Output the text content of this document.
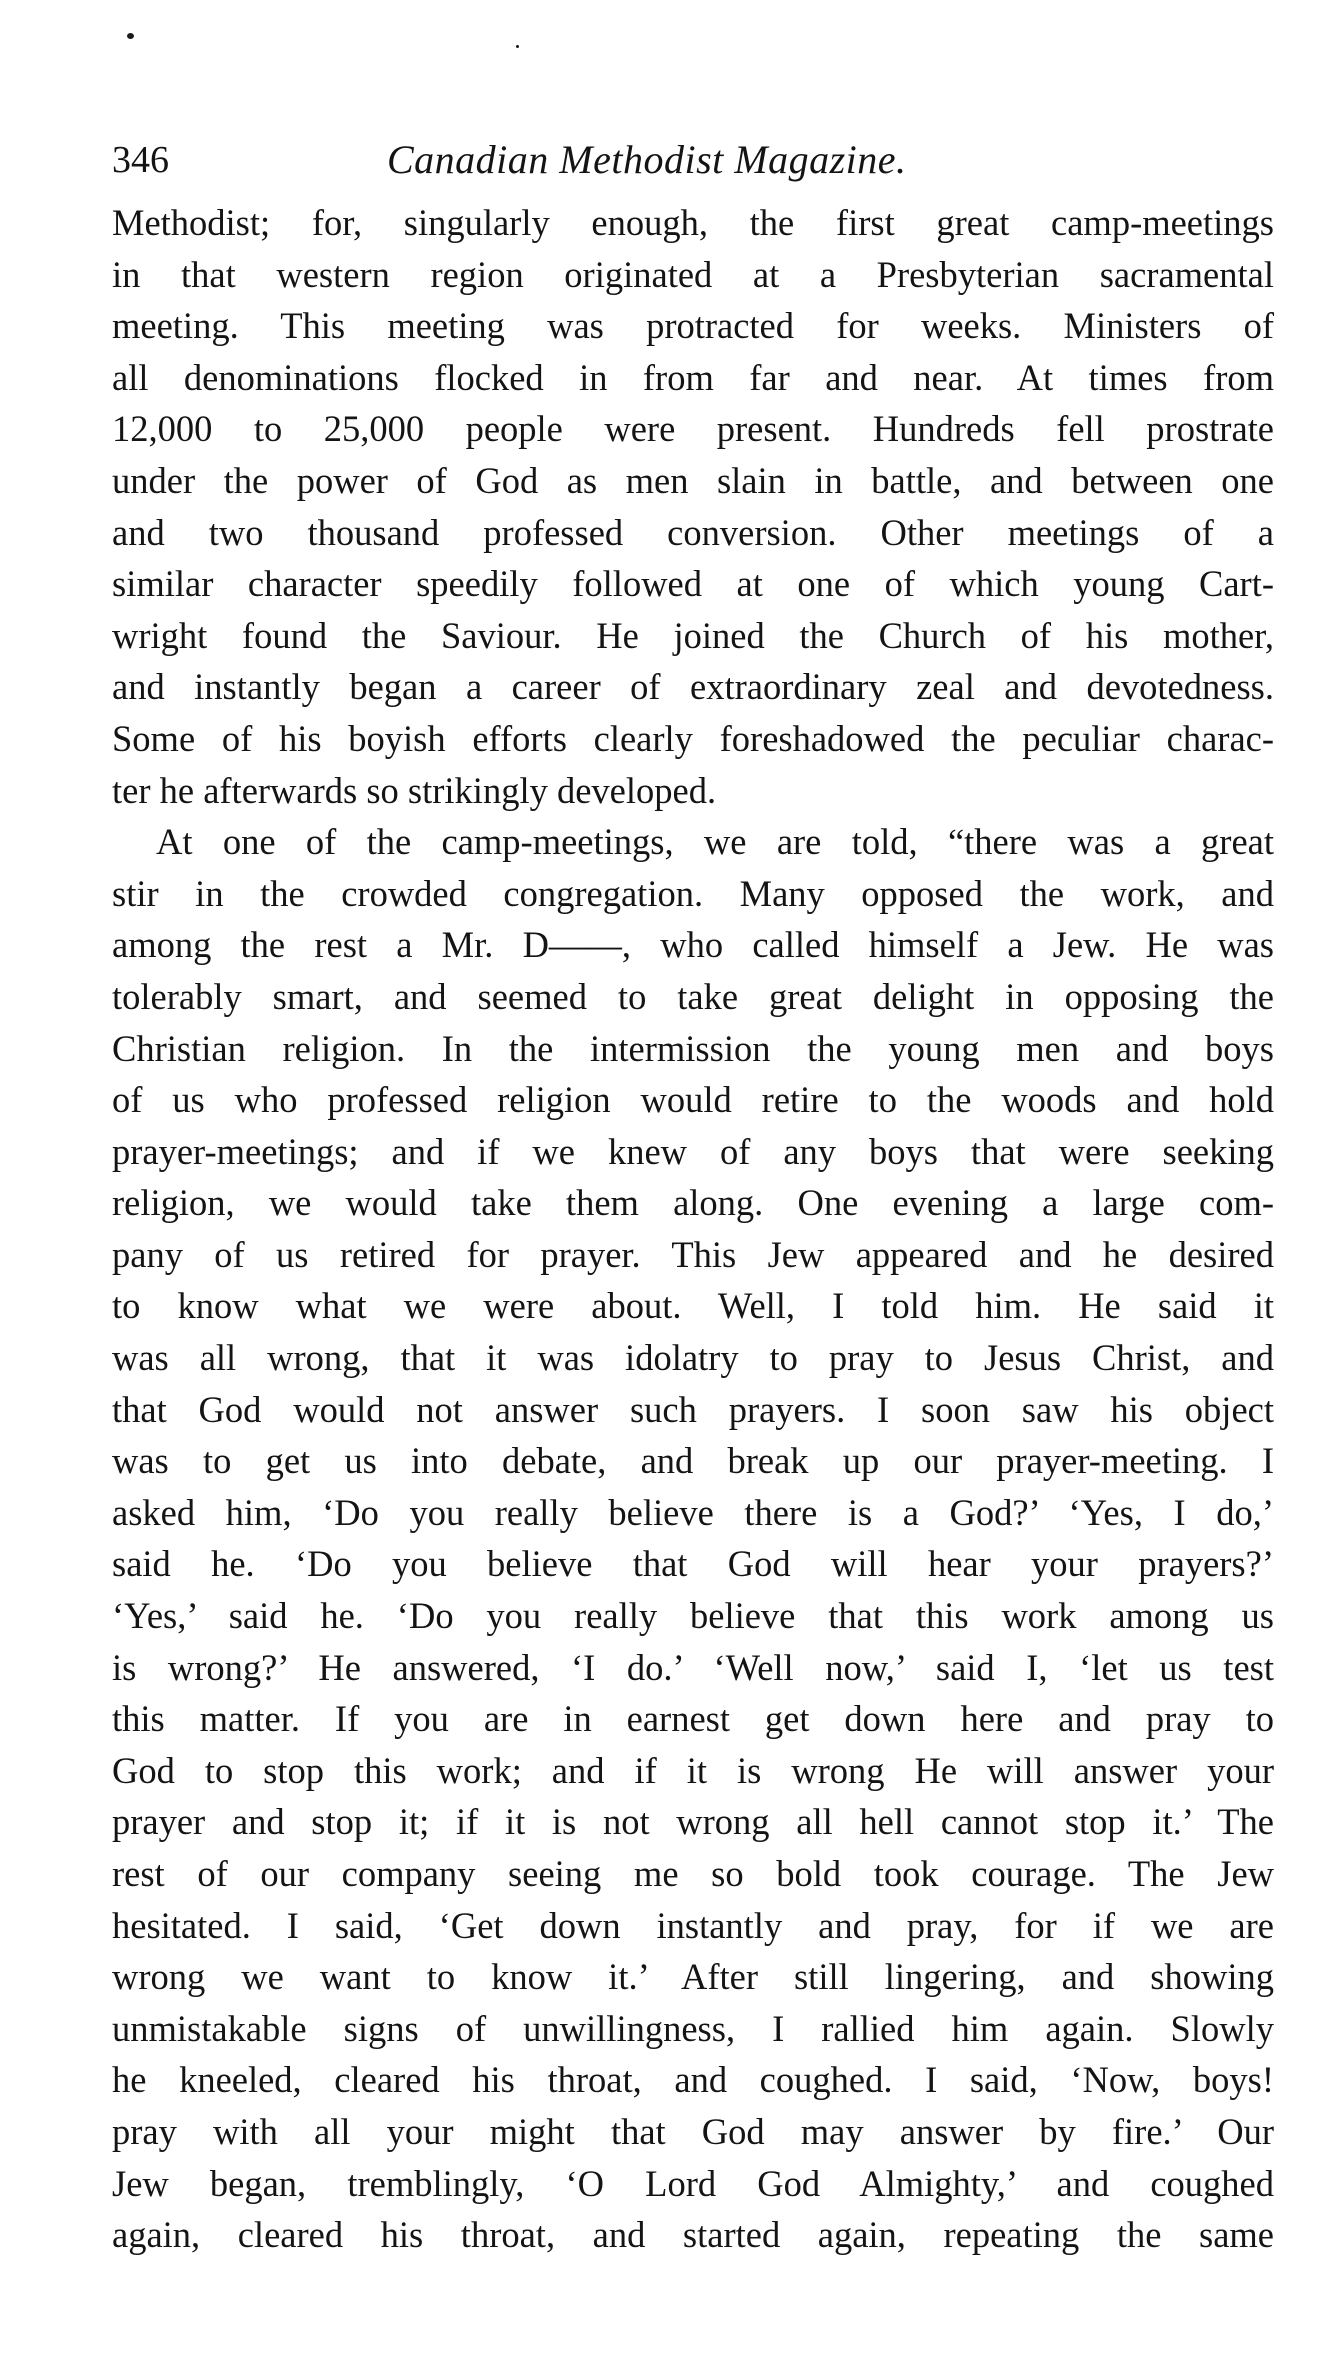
346	Canadian Methodist Magazine.
Methodist; for, singularly enough, the first great camp-meetings
in that western region originated at a Presbyterian sacramental
meeting. This meeting was protracted for weeks. Ministers of
all denominations flocked in from far and near. At times from
12,000 to 25,000 people were present. Hundreds fell prostrate
under the power of God as men slain in battle, and between one
and two thousand professed conversion. Other meetings of a
similar character speedily followed at one of which young Cart-
wright found the Saviour. He joined the Church of his mother,
and instantly began a career of extraordinary zeal and devotedness.
Some of his boyish efforts clearly foreshadowed the peculiar charac-
ter he afterwards so strikingly developed.
At one of the camp-meetings, we are told, “there was a great
stir in the crowded congregation. Many opposed the work, and
among the rest a Mr. D——, who called himself a Jew. He was
tolerably smart, and seemed to take great delight in opposing the
Christian religion. In the intermission the young men and boys
of us who professed religion would retire to the woods and hold
prayer-meetings; and if we knew of any boys that were seeking
religion, we would take them along. One evening a large com-
pany of us retired for prayer. This Jew appeared and he desired
to know what we were about. Well, I told him. He said it
was all wrong, that it was idolatry to pray to Jesus Christ, and
that God would not answer such prayers. I soon saw his object
was to get us into debate, and break up our prayer-meeting. I
asked him, ‘Do you really believe there is a God?’ ‘Yes, I do,’
said he. ‘Do you believe that God will hear your prayers?’
‘Yes,’ said he. ‘Do you really believe that this work among us
is wrong?’ He answered, ‘I do.’ ‘Well now,’ said I, ‘let us test
this matter. If you are in earnest get down here and pray to
God to stop this work; and if it is wrong He will answer your
prayer and stop it; if it is not wrong all hell cannot stop it.’ The
rest of our company seeing me so bold took courage. The Jew
hesitated. I said, ‘Get down instantly and pray, for if we are
wrong we want to know it.’ After still lingering, and showing
unmistakable signs of unwillingness, I rallied him again. Slowly
he kneeled, cleared his throat, and coughed. I said, ‘Now, boys!
pray with all your might that God may answer by fire.’ Our
Jew began, tremblingly, ‘O Lord God Almighty,’ and coughed
again, cleared his throat, and started again, repeating the same
